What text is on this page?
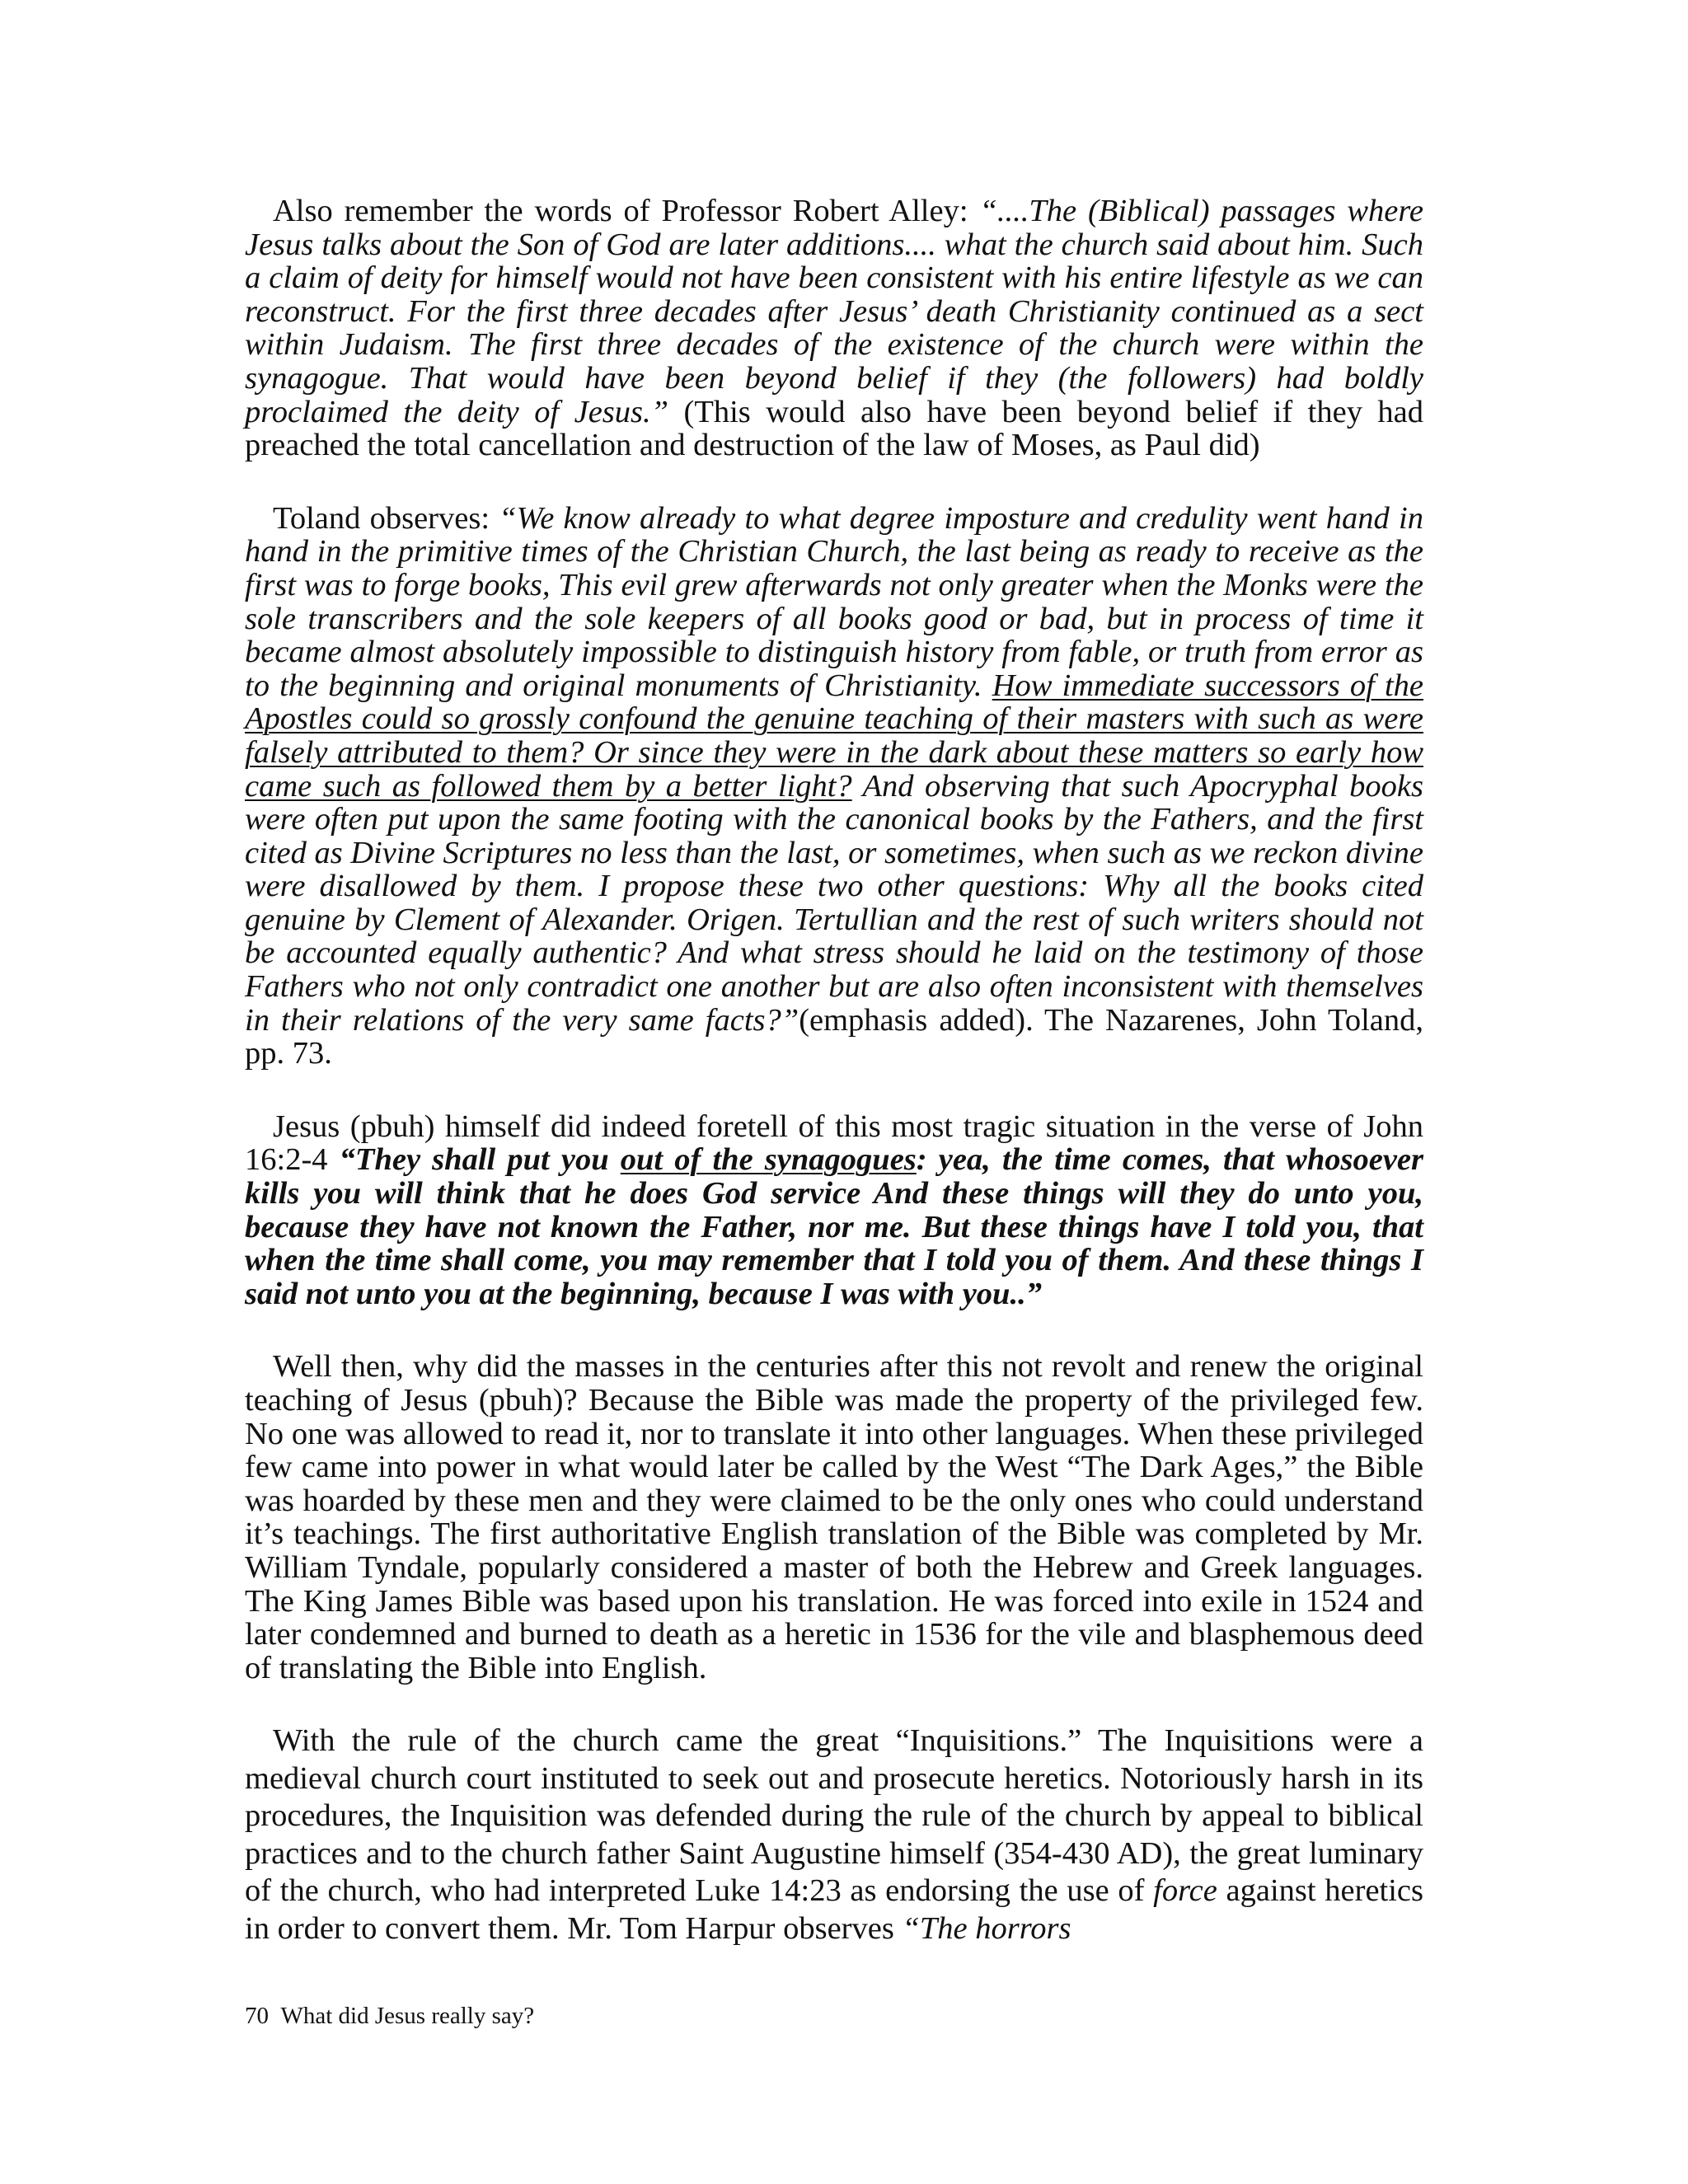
Also remember the words of Professor Robert Alley: “....The (Biblical) passages where Jesus talks about the Son of God are later additions.... what the church said about him. Such a claim of deity for himself would not have been consistent with his entire lifestyle as we can reconstruct. For the first three decades after Jesus’ death Christianity continued as a sect within Judaism. The first three decades of the existence of the church were within the synagogue. That would have been beyond belief if they (the followers) had boldly proclaimed the deity of Jesus.” (This would also have been beyond belief if they had preached the total cancellation and destruction of the law of Moses, as Paul did)

Toland observes: “We know already to what degree imposture and credulity went hand in hand in the primitive times of the Christian Church, the last being as ready to receive as the first was to forge books, This evil grew afterwards not only greater when the Monks were the sole transcribers and the sole keepers of all books good or bad, but in process of time it became almost absolutely impossible to distinguish history from fable, or truth from error as to the beginning and original monuments of Christianity. How immediate successors of the Apostles could so grossly confound the genuine teaching of their masters with such as were falsely attributed to them? Or since they were in the dark about these matters so early how came such as followed them by a better light? And observing that such Apocryphal books were often put upon the same footing with the canonical books by the Fathers, and the first cited as Divine Scriptures no less than the last, or sometimes, when such as we reckon divine were disallowed by them. I propose these two other questions: Why all the books cited genuine by Clement of Alexander. Origen. Tertullian and the rest of such writers should not be accounted equally authentic? And what stress should he laid on the testimony of those Fathers who not only contradict one another but are also often inconsistent with themselves in their relations of the very same facts?”(emphasis added). The Nazarenes, John Toland, pp. 73.

Jesus (pbuh) himself did indeed foretell of this most tragic situation in the verse of John 16:2-4 “They shall put you out of the synagogues: yea, the time comes, that whosoever kills you will think that he does God service And these things will they do unto you, because they have not known the Father, nor me. But these things have I told you, that when the time shall come, you may remember that I told you of them. And these things I said not unto you at the beginning, because I was with you..”

Well then, why did the masses in the centuries after this not revolt and renew the original teaching of Jesus (pbuh)? Because the Bible was made the property of the privileged few. No one was allowed to read it, nor to translate it into other languages. When these privileged few came into power in what would later be called by the West “The Dark Ages,” the Bible was hoarded by these men and they were claimed to be the only ones who could understand it’s teachings. The first authoritative English translation of the Bible was completed by Mr. William Tyndale, popularly considered a master of both the Hebrew and Greek languages. The King James Bible was based upon his translation. He was forced into exile in 1524 and later condemned and burned to death as a heretic in 1536 for the vile and blasphemous deed of translating the Bible into English.

With the rule of the church came the great “Inquisitions.” The Inquisitions were a medieval church court instituted to seek out and prosecute heretics. Notoriously harsh in its procedures, the Inquisition was defended during the rule of the church by appeal to biblical practices and to the church father Saint Augustine himself (354-430 AD), the great luminary of the church, who had interpreted Luke 14:23 as endorsing the use of force against heretics in order to convert them. Mr. Tom Harpur observes “The horrors

70 What did Jesus really say?
